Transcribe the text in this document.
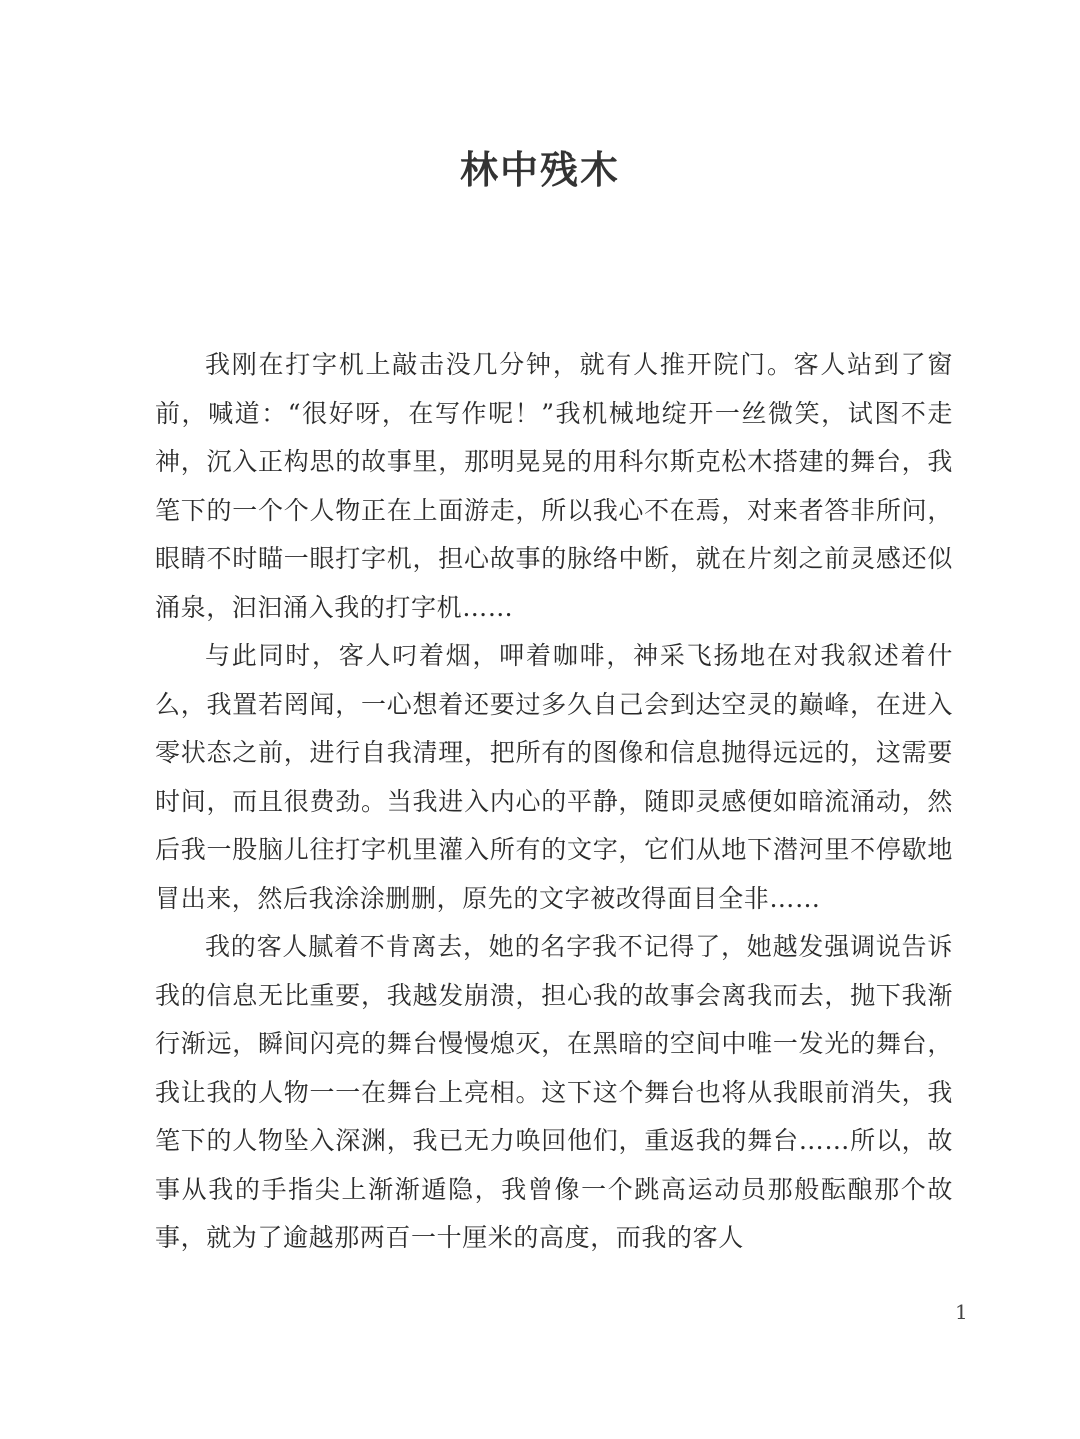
林中残木

我刚在打字机上敲击没几分钟，就有人推开院门。客人站到了窗前，喊道：“很好呀，在写作呢！”我机械地绽开一丝微笑，试图不走神，沉入正构思的故事里，那明晃晃的用科尔斯克松木搭建的舞台，我笔下的一个个人物正在上面游走，所以我心不在焉，对来者答非所问，眼睛不时瞄一眼打字机，担心故事的脉络中断，就在片刻之前灵感还似涌泉，汩汩涌入我的打字机……

与此同时，客人叼着烟，呷着咖啡，神采飞扬地在对我叙述着什么，我置若罔闻，一心想着还要过多久自己会到达空灵的巅峰，在进入零状态之前，进行自我清理，把所有的图像和信息抛得远远的，这需要时间，而且很费劲。当我进入内心的平静，随即灵感便如暗流涌动，然后我一股脑儿往打字机里灌入所有的文字，它们从地下潜河里不停歇地冒出来，然后我涂涂删删，原先的文字被改得面目全非……

我的客人腻着不肯离去，她的名字我不记得了，她越发强调说告诉我的信息无比重要，我越发崩溃，担心我的故事会离我而去，抛下我渐行渐远，瞬间闪亮的舞台慢慢熄灭，在黑暗的空间中唯一发光的舞台，我让我的人物一一在舞台上亮相。这下这个舞台也将从我眼前消失，我笔下的人物坠入深渊，我已无力唤回他们，重返我的舞台……所以，故事从我的手指尖上渐渐遁隐，我曾像一个跳高运动员那般酝酿那个故事，就为了逾越那两百一十厘米的高度，而我的客人

1
